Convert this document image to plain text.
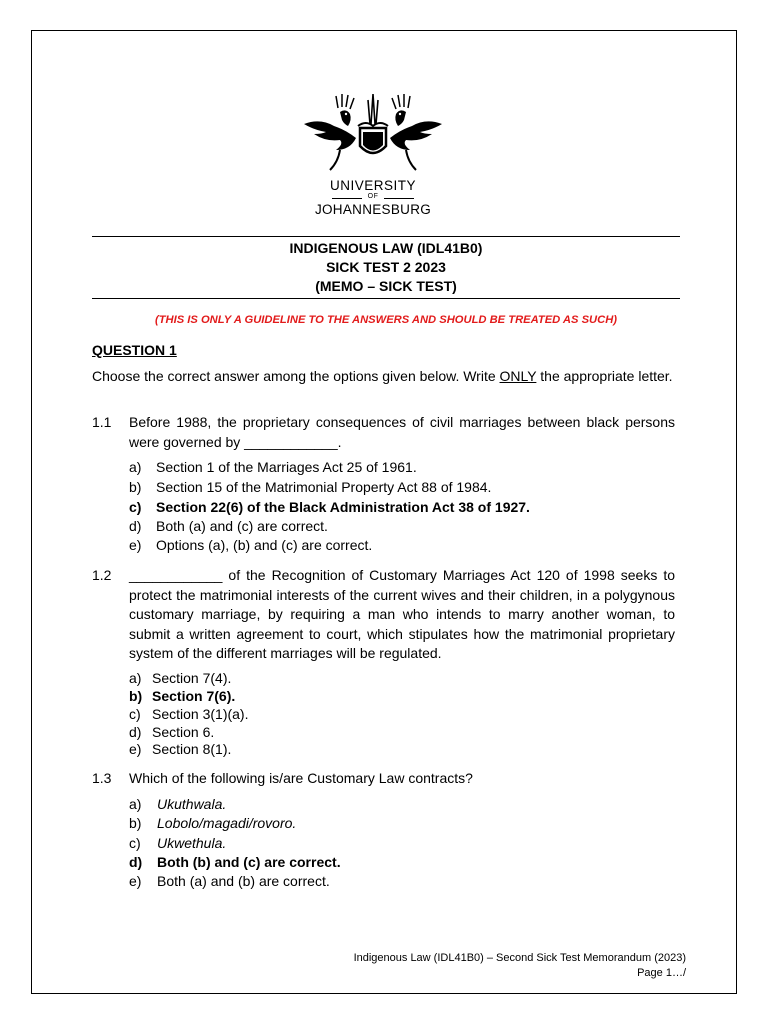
UNIVERSITY
OF
JOHANNESBURG
INDIGENOUS LAW (IDL41B0)
SICK TEST 2 2023
(MEMO – SICK TEST)
(THIS IS ONLY A GUIDELINE TO THE ANSWERS AND SHOULD BE TREATED AS SUCH)
QUESTION 1
Choose the correct answer among the options given below. Write ONLY the appropriate letter.
1.1 Before 1988, the proprietary consequences of civil marriages between black persons were governed by ____________.
a) Section 1 of the Marriages Act 25 of 1961.
b) Section 15 of the Matrimonial Property Act 88 of 1984.
c) Section 22(6) of the Black Administration Act 38 of 1927.
d) Both (a) and (c) are correct.
e) Options (a), (b) and (c) are correct.
1.2 ____________ of the Recognition of Customary Marriages Act 120 of 1998 seeks to protect the matrimonial interests of the current wives and their children, in a polygynous customary marriage, by requiring a man who intends to marry another woman, to submit a written agreement to court, which stipulates how the matrimonial proprietary system of the different marriages will be regulated.
a) Section 7(4).
b) Section 7(6).
c) Section 3(1)(a).
d) Section 6.
e) Section 8(1).
1.3 Which of the following is/are Customary Law contracts?
a) Ukuthwala.
b) Lobolo/magadi/rovoro.
c) Ukwethula.
d) Both (b) and (c) are correct.
e) Both (a) and (b) are correct.
Indigenous Law (IDL41B0) – Second Sick Test Memorandum (2023)
Page 1…/
